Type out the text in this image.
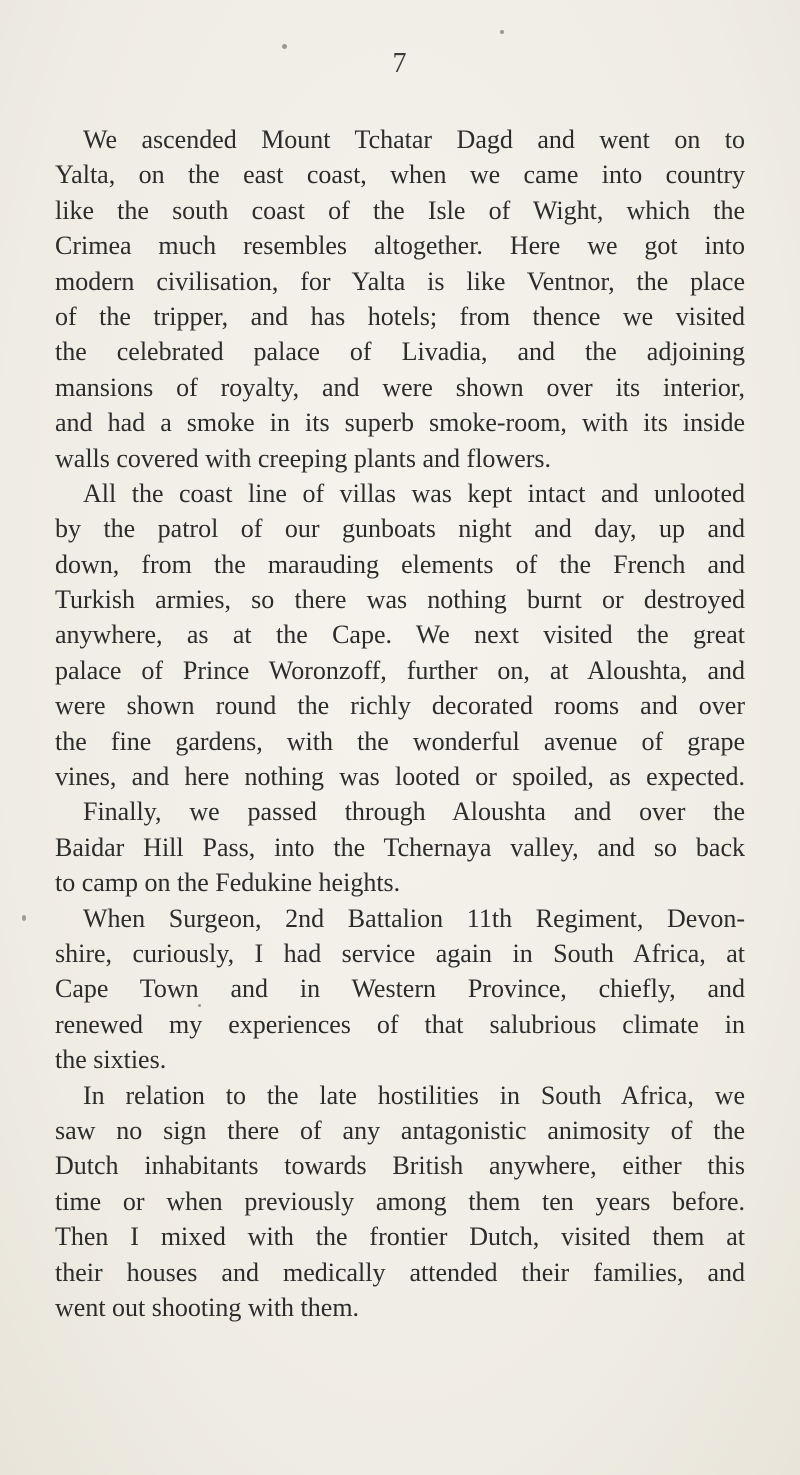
7
We ascended Mount Tchatar Dagd and went on to
Yalta, on the east coast, when we came into country
like the south coast of the Isle of Wight, which the
Crimea much resembles altogether. Here we got into
modern civilisation, for Yalta is like Ventnor, the place
of the tripper, and has hotels; from thence we visited
the celebrated palace of Livadia, and the adjoining
mansions of royalty, and were shown over its interior,
and had a smoke in its superb smoke-room, with its inside
walls covered with creeping plants and flowers.
All the coast line of villas was kept intact and unlooted
by the patrol of our gunboats night and day, up and
down, from the marauding elements of the French and
Turkish armies, so there was nothing burnt or destroyed
anywhere, as at the Cape. We next visited the great
palace of Prince Woronzoff, further on, at Aloushta, and
were shown round the richly decorated rooms and over
the fine gardens, with the wonderful avenue of grape
vines, and here nothing was looted or spoiled, as expected.
Finally, we passed through Aloushta and over the
Baidar Hill Pass, into the Tchernaya valley, and so back
to camp on the Fedukine heights.
When Surgeon, 2nd Battalion 11th Regiment, Devon-
shire, curiously, I had service again in South Africa, at
Cape Town and in Western Province, chiefly, and
renewed my experiences of that salubrious climate in
the sixties.
In relation to the late hostilities in South Africa, we
saw no sign there of any antagonistic animosity of the
Dutch inhabitants towards British anywhere, either this
time or when previously among them ten years before.
Then I mixed with the frontier Dutch, visited them at
their houses and medically attended their families, and
went out shooting with them.
